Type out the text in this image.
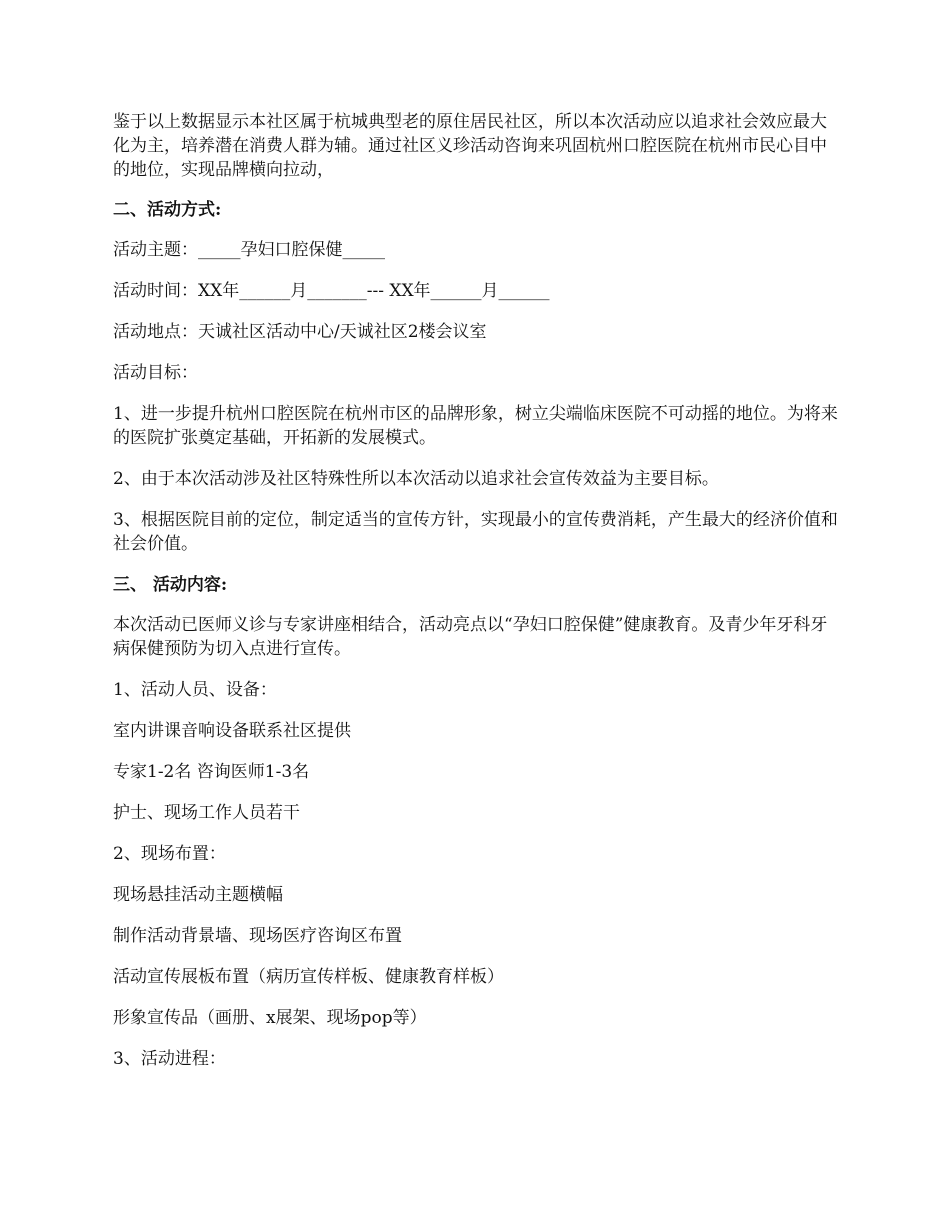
鉴于以上数据显示本社区属于杭城典型老的原住居民社区，所以本次活动应以追求社会效应最大化为主，培养潜在消费人群为辅。通过社区义珍活动咨询来巩固杭州口腔医院在杭州市民心目中的地位，实现品牌横向拉动，

二、活动方式:

活动主题：_____孕妇口腔保健_____

活动时间：XX年______月_______--- XX年______月______

活动地点：天诚社区活动中心/天诚社区2楼会议室

活动目标：

1、进一步提升杭州口腔医院在杭州市区的品牌形象，树立尖端临床医院不可动摇的地位。为将来的医院扩张奠定基础，开拓新的发展模式。

2、由于本次活动涉及社区特殊性所以本次活动以追求社会宣传效益为主要目标。

3、根据医院目前的定位，制定适当的宣传方针，实现最小的宣传费消耗，产生最大的经济价值和社会价值。

三、 活动内容:

本次活动已医师义诊与专家讲座相结合，活动亮点以“孕妇口腔保健”健康教育。及青少年牙科牙病保健预防为切入点进行宣传。

1、活动人员、设备：

室内讲课音响设备联系社区提供

专家1-2名 咨询医师1-3名

护士、现场工作人员若干

2、现场布置：

现场悬挂活动主题横幅

制作活动背景墙、现场医疗咨询区布置

活动宣传展板布置（病历宣传样板、健康教育样板）

形象宣传品（画册、x展架、现场pop等）

3、活动进程：
